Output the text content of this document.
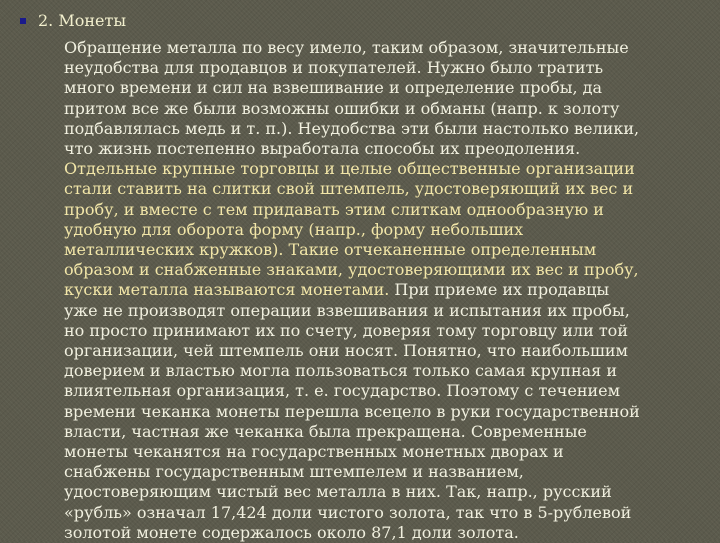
2. Монеты
Обращение металла по весу имело, таким образом, значительные
неудобства для продавцов и покупателей. Нужно было тратить
много времени и сил на взвешивание и определение пробы, да
притом все же были возможны ошибки и обманы (напр. к золоту
подбавлялась медь и т. п.). Неудобства эти были настолько велики,
что жизнь постепенно выработала способы их преодоления.
Отдельные крупные торговцы и целые общественные организации
стали ставить на слитки свой штемпель, удостоверяющий их вес и
пробу, и вместе с тем придавать этим слиткам однообразную и
удобную для оборота форму (напр., форму небольших
металлических кружков). Такие отчеканенные определенным
образом и снабженные знаками, удостоверяющими их вес и пробу,
куски металла называются монетами. При приеме их продавцы
уже не производят операции взвешивания и испытания их пробы,
но просто принимают их по счету, доверяя тому торговцу или той
организации, чей штемпель они носят. Понятно, что наибольшим
доверием и властью могла пользоваться только самая крупная и
влиятельная организация, т. е. государство. Поэтому с течением
времени чеканка монеты перешла всецело в руки государственной
власти, частная же чеканка была прекращена. Современные
монеты чеканятся на государственных монетных дворах и
снабжены государственным штемпелем и названием,
удостоверяющим чистый вес металла в них. Так, напр., русский
«рубль» означал 17,424 доли чистого золота, так что в 5-рублевой
золотой монете содержалось около 87,1 доли золота.
